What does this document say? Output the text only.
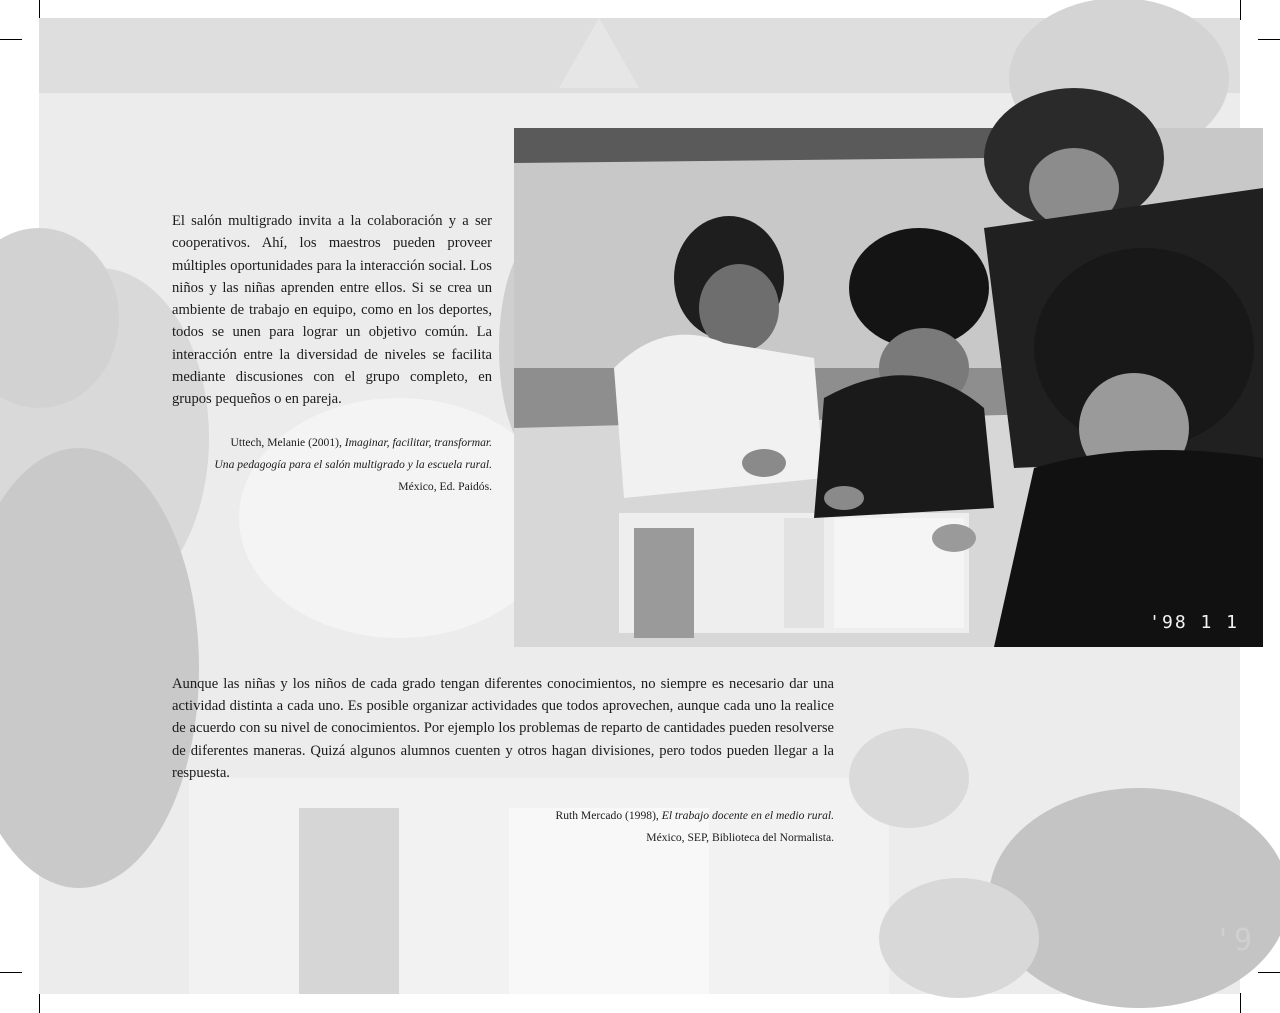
'9
'98 1 1

El salón multigrado invita a la colaboración y a ser cooperativos. Ahí, los maestros pueden proveer múltiples oportunidades para la interacción social. Los niños y las niñas aprenden entre ellos. Si se crea un ambiente de trabajo en equipo, como en los deportes, todos se unen para lograr un objetivo común. La interacción entre la diversidad de niveles se facilita mediante discusiones con el grupo completo, en grupos pequeños o en pareja.

Uttech, Melanie (2001), Imaginar, facilitar, transformar.
Una pedagogía para el salón multigrado y la escuela rural.
México, Ed. Paidós.

Aunque las niñas y los niños de cada grado tengan diferentes conocimientos, no siempre es necesario dar una actividad distinta a cada uno. Es posible organizar actividades que todos aprovechen, aunque cada uno la realice de acuerdo con su nivel de conocimientos. Por ejemplo los problemas de reparto de cantidades pueden resolverse de diferentes maneras. Quizá algunos alumnos cuenten y otros hagan divisiones, pero todos pueden llegar a la respuesta.

Ruth Mercado (1998), El trabajo docente en el medio rural.
México, SEP, Biblioteca del Normalista.
